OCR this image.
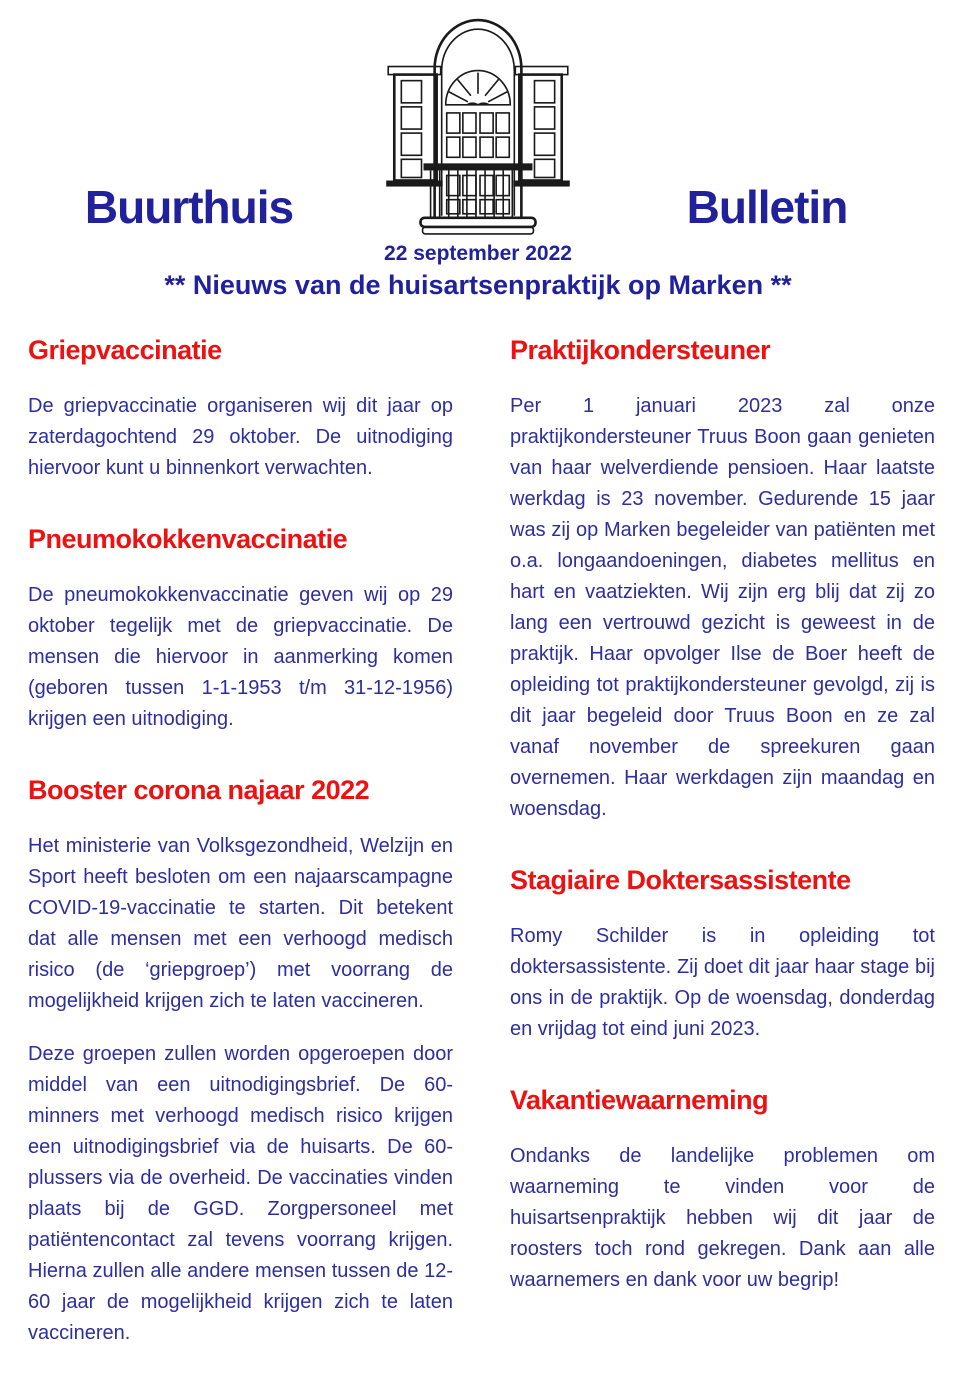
Buurthuis	Bulletin
22 september 2022
** Nieuws van de huisartsenpraktijk op Marken **
Griepvaccinatie

De griepvaccinatie organiseren wij dit jaar op zaterdagochtend 29 oktober. De uitnodiging hiervoor kunt u binnenkort verwachten.

Pneumokokkenvaccinatie

De pneumokokkenvaccinatie geven wij op 29 oktober tegelijk met de griepvaccinatie. De mensen die hiervoor in aanmerking komen (geboren tussen 1-1-1953 t/m 31-12-1956) krijgen een uitnodiging.

Booster corona najaar 2022

Het ministerie van Volksgezondheid, Welzijn en Sport heeft besloten om een najaarscampagne COVID-19-vaccinatie te starten. Dit betekent dat alle mensen met een verhoogd medisch risico (de ‘griepgroep’) met voorrang de mogelijkheid krijgen zich te laten vaccineren.

Deze groepen zullen worden opgeroepen door middel van een uitnodigingsbrief. De 60-minners met verhoogd medisch risico krijgen een uitnodigingsbrief via de huisarts. De 60-plussers via de overheid. De vaccinaties vinden plaats bij de GGD. Zorgpersoneel met patiëntencontact zal tevens voorrang krijgen. Hierna zullen alle andere mensen tussen de 12-60 jaar de mogelijkheid krijgen zich te laten vaccineren.

Praktijkondersteuner

Per 1 januari 2023 zal onze praktijkondersteuner Truus Boon gaan genieten van haar welverdiende pensioen. Haar laatste werkdag is 23 november. Gedurende 15 jaar was zij op Marken begeleider van patiënten met o.a. longaandoeningen, diabetes mellitus en hart en vaatziekten. Wij zijn erg blij dat zij zo lang een vertrouwd gezicht is geweest in de praktijk. Haar opvolger Ilse de Boer heeft de opleiding tot praktijkondersteuner gevolgd, zij is dit jaar begeleid door Truus Boon en ze zal vanaf november de spreekuren gaan overnemen. Haar werkdagen zijn maandag en woensdag.

Stagiaire Doktersassistente

Romy Schilder is in opleiding tot doktersassistente. Zij doet dit jaar haar stage bij ons in de praktijk. Op de woensdag, donderdag en vrijdag tot eind juni 2023.

Vakantiewaarneming

Ondanks de landelijke problemen om waarneming te vinden voor de huisartsenpraktijk hebben wij dit jaar de roosters toch rond gekregen. Dank aan alle waarnemers en dank voor uw begrip!
